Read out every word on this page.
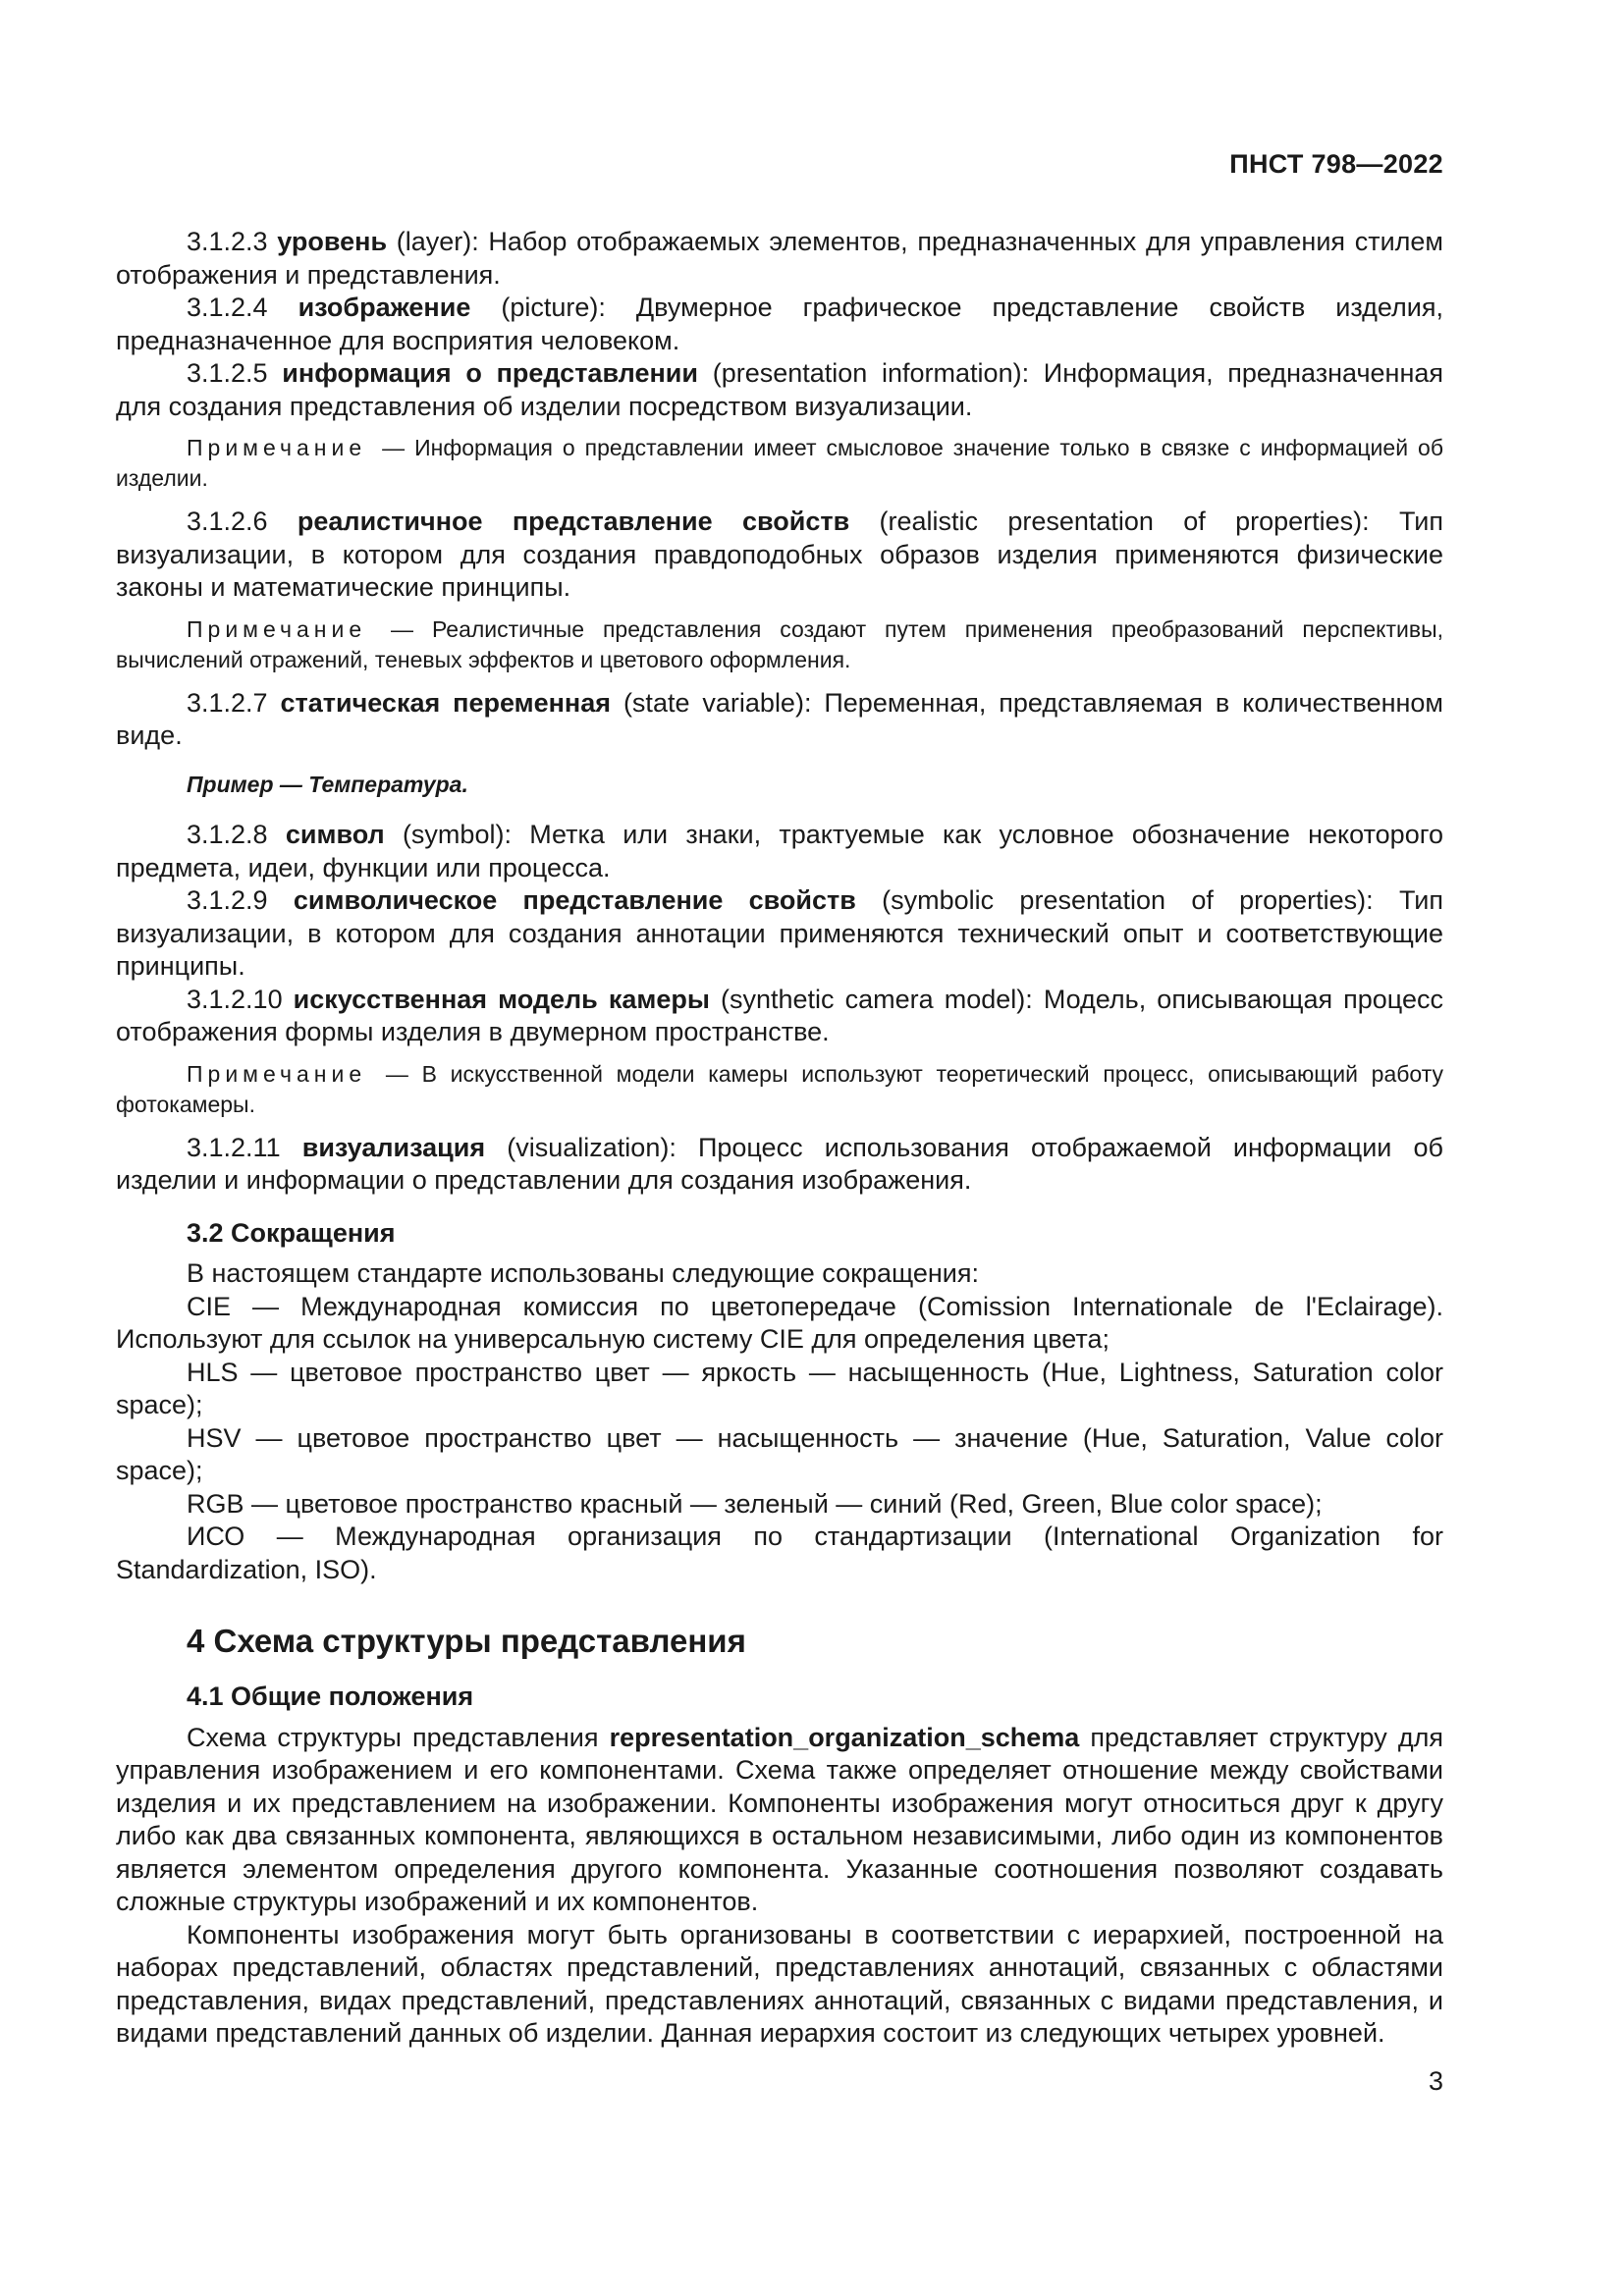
ПНСТ 798—2022

3.1.2.3 уровень (layer): Набор отображаемых элементов, предназначенных для управления стилем отображения и представления.

3.1.2.4 изображение (picture): Двумерное графическое представление свойств изделия, предназначенное для восприятия человеком.

3.1.2.5 информация о представлении (presentation information): Информация, предназначенная для создания представления об изделии посредством визуализации.

Примечание — Информация о представлении имеет смысловое значение только в связке с информацией об изделии.

3.1.2.6 реалистичное представление свойств (realistic presentation of properties): Тип визуализации, в котором для создания правдоподобных образов изделия применяются физические законы и математические принципы.

Примечание — Реалистичные представления создают путем применения преобразований перспективы, вычислений отражений, теневых эффектов и цветового оформления.

3.1.2.7 статическая переменная (state variable): Переменная, представляемая в количественном виде.

Пример — Температура.

3.1.2.8 символ (symbol): Метка или знаки, трактуемые как условное обозначение некоторого предмета, идеи, функции или процесса.

3.1.2.9 символическое представление свойств (symbolic presentation of properties): Тип визуализации, в котором для создания аннотации применяются технический опыт и соответствующие принципы.

3.1.2.10 искусственная модель камеры (synthetic camera model): Модель, описывающая процесс отображения формы изделия в двумерном пространстве.

Примечание — В искусственной модели камеры используют теоретический процесс, описывающий работу фотокамеры.

3.1.2.11 визуализация (visualization): Процесс использования отображаемой информации об изделии и информации о представлении для создания изображения.

3.2 Сокращения

В настоящем стандарте использованы следующие сокращения:

CIE — Международная комиссия по цветопередаче (Comission Internationale de l'Eclairage). Используют для ссылок на универсальную систему CIE для определения цвета;

HLS — цветовое пространство цвет — яркость — насыщенность (Hue, Lightness, Saturation color space);

HSV — цветовое пространство цвет — насыщенность — значение (Hue, Saturation, Value color space);

RGB — цветовое пространство красный — зеленый — синий (Red, Green, Blue color space);

ИСО — Международная организация по стандартизации (International Organization for Standardization, ISO).

4 Схема структуры представления

4.1 Общие положения

Схема структуры представления representation_organization_schema представляет структуру для управления изображением и его компонентами. Схема также определяет отношение между свойствами изделия и их представлением на изображении. Компоненты изображения могут относиться друг к другу либо как два связанных компонента, являющихся в остальном независимыми, либо один из компонентов является элементом определения другого компонента. Указанные соотношения позволяют создавать сложные структуры изображений и их компонентов.

Компоненты изображения могут быть организованы в соответствии с иерархией, построенной на наборах представлений, областях представлений, представлениях аннотаций, связанных с областями представления, видах представлений, представлениях аннотаций, связанных с видами представления, и видами представлений данных об изделии. Данная иерархия состоит из следующих четырех уровней.

3
